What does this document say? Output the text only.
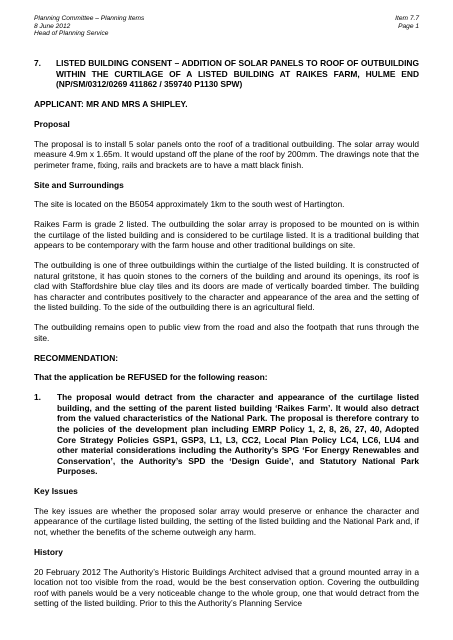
Planning Committee – Planning Items	Item 7.7
8 June 2012	Page 1
Head of Planning Service
7.	LISTED BUILDING CONSENT – ADDITION OF SOLAR PANELS TO ROOF OF OUTBUILDING WITHIN THE CURTILAGE OF A LISTED BUILDING AT RAIKES FARM, HULME END (NP/SM/0312/0269 411862 / 359740 P1130 SPW)
APPLICANT: MR AND MRS A SHIPLEY.
Proposal

The proposal is to install 5 solar panels onto the roof of a traditional outbuilding. The solar array would measure 4.9m x 1.65m. It would upstand off the plane of the roof by 200mm. The drawings note that the perimeter frame, fixing, rails and brackets are to have a matt black finish.

Site and Surroundings

The site is located on the B5054 approximately 1km to the south west of Hartington.

Raikes Farm is grade 2 listed. The outbuilding the solar array is proposed to be mounted on is within the curtilage of the listed building and is considered to be curtilage listed. It is a traditional building that appears to be contemporary with the farm house and other traditional buildings on site.

The outbuilding is one of three outbuildings within the curtialge of the listed building. It is constructed of natural gritstone, it has quoin stones to the corners of the building and around its openings, its roof is clad with Staffordshire blue clay tiles and its doors are made of vertically boarded timber. The building has character and contributes positively to the character and appearance of the area and the setting of the listed building. To the side of the outbuilding there is an agricultural field.

The outbuilding remains open to public view from the road and also the footpath that runs through the site.

RECOMMENDATION:
That the application be REFUSED for the following reason:
1.	The proposal would detract from the character and appearance of the curtilage listed building, and the setting of the parent listed building ‘Raikes Farm’. It would also detract from the valued characteristics of the National Park. The proposal is therefore contrary to the policies of the development plan including EMRP Policy 1, 2, 8, 26, 27, 40, Adopted Core Strategy Policies GSP1, GSP3, L1, L3, CC2, Local Plan Policy LC4, LC6, LU4 and other material considerations including the Authority’s SPG ‘For Energy Renewables and Conservation’, the Authority’s SPD the ‘Design Guide’, and Statutory National Park Purposes.
Key Issues

The key issues are whether the proposed solar array would preserve or enhance the character and appearance of the curtilage listed building, the setting of the listed building and the National Park and, if not, whether the benefits of the scheme outweigh any harm.

History

20 February 2012 The Authority’s Historic Buildings Architect advised that a ground mounted array in a location not too visible from the road, would be the best conservation option. Covering the outbuilding roof with panels would be a very noticeable change to the whole group, one that would detract from the setting of the listed building. Prior to this the Authority’s Planning Service
